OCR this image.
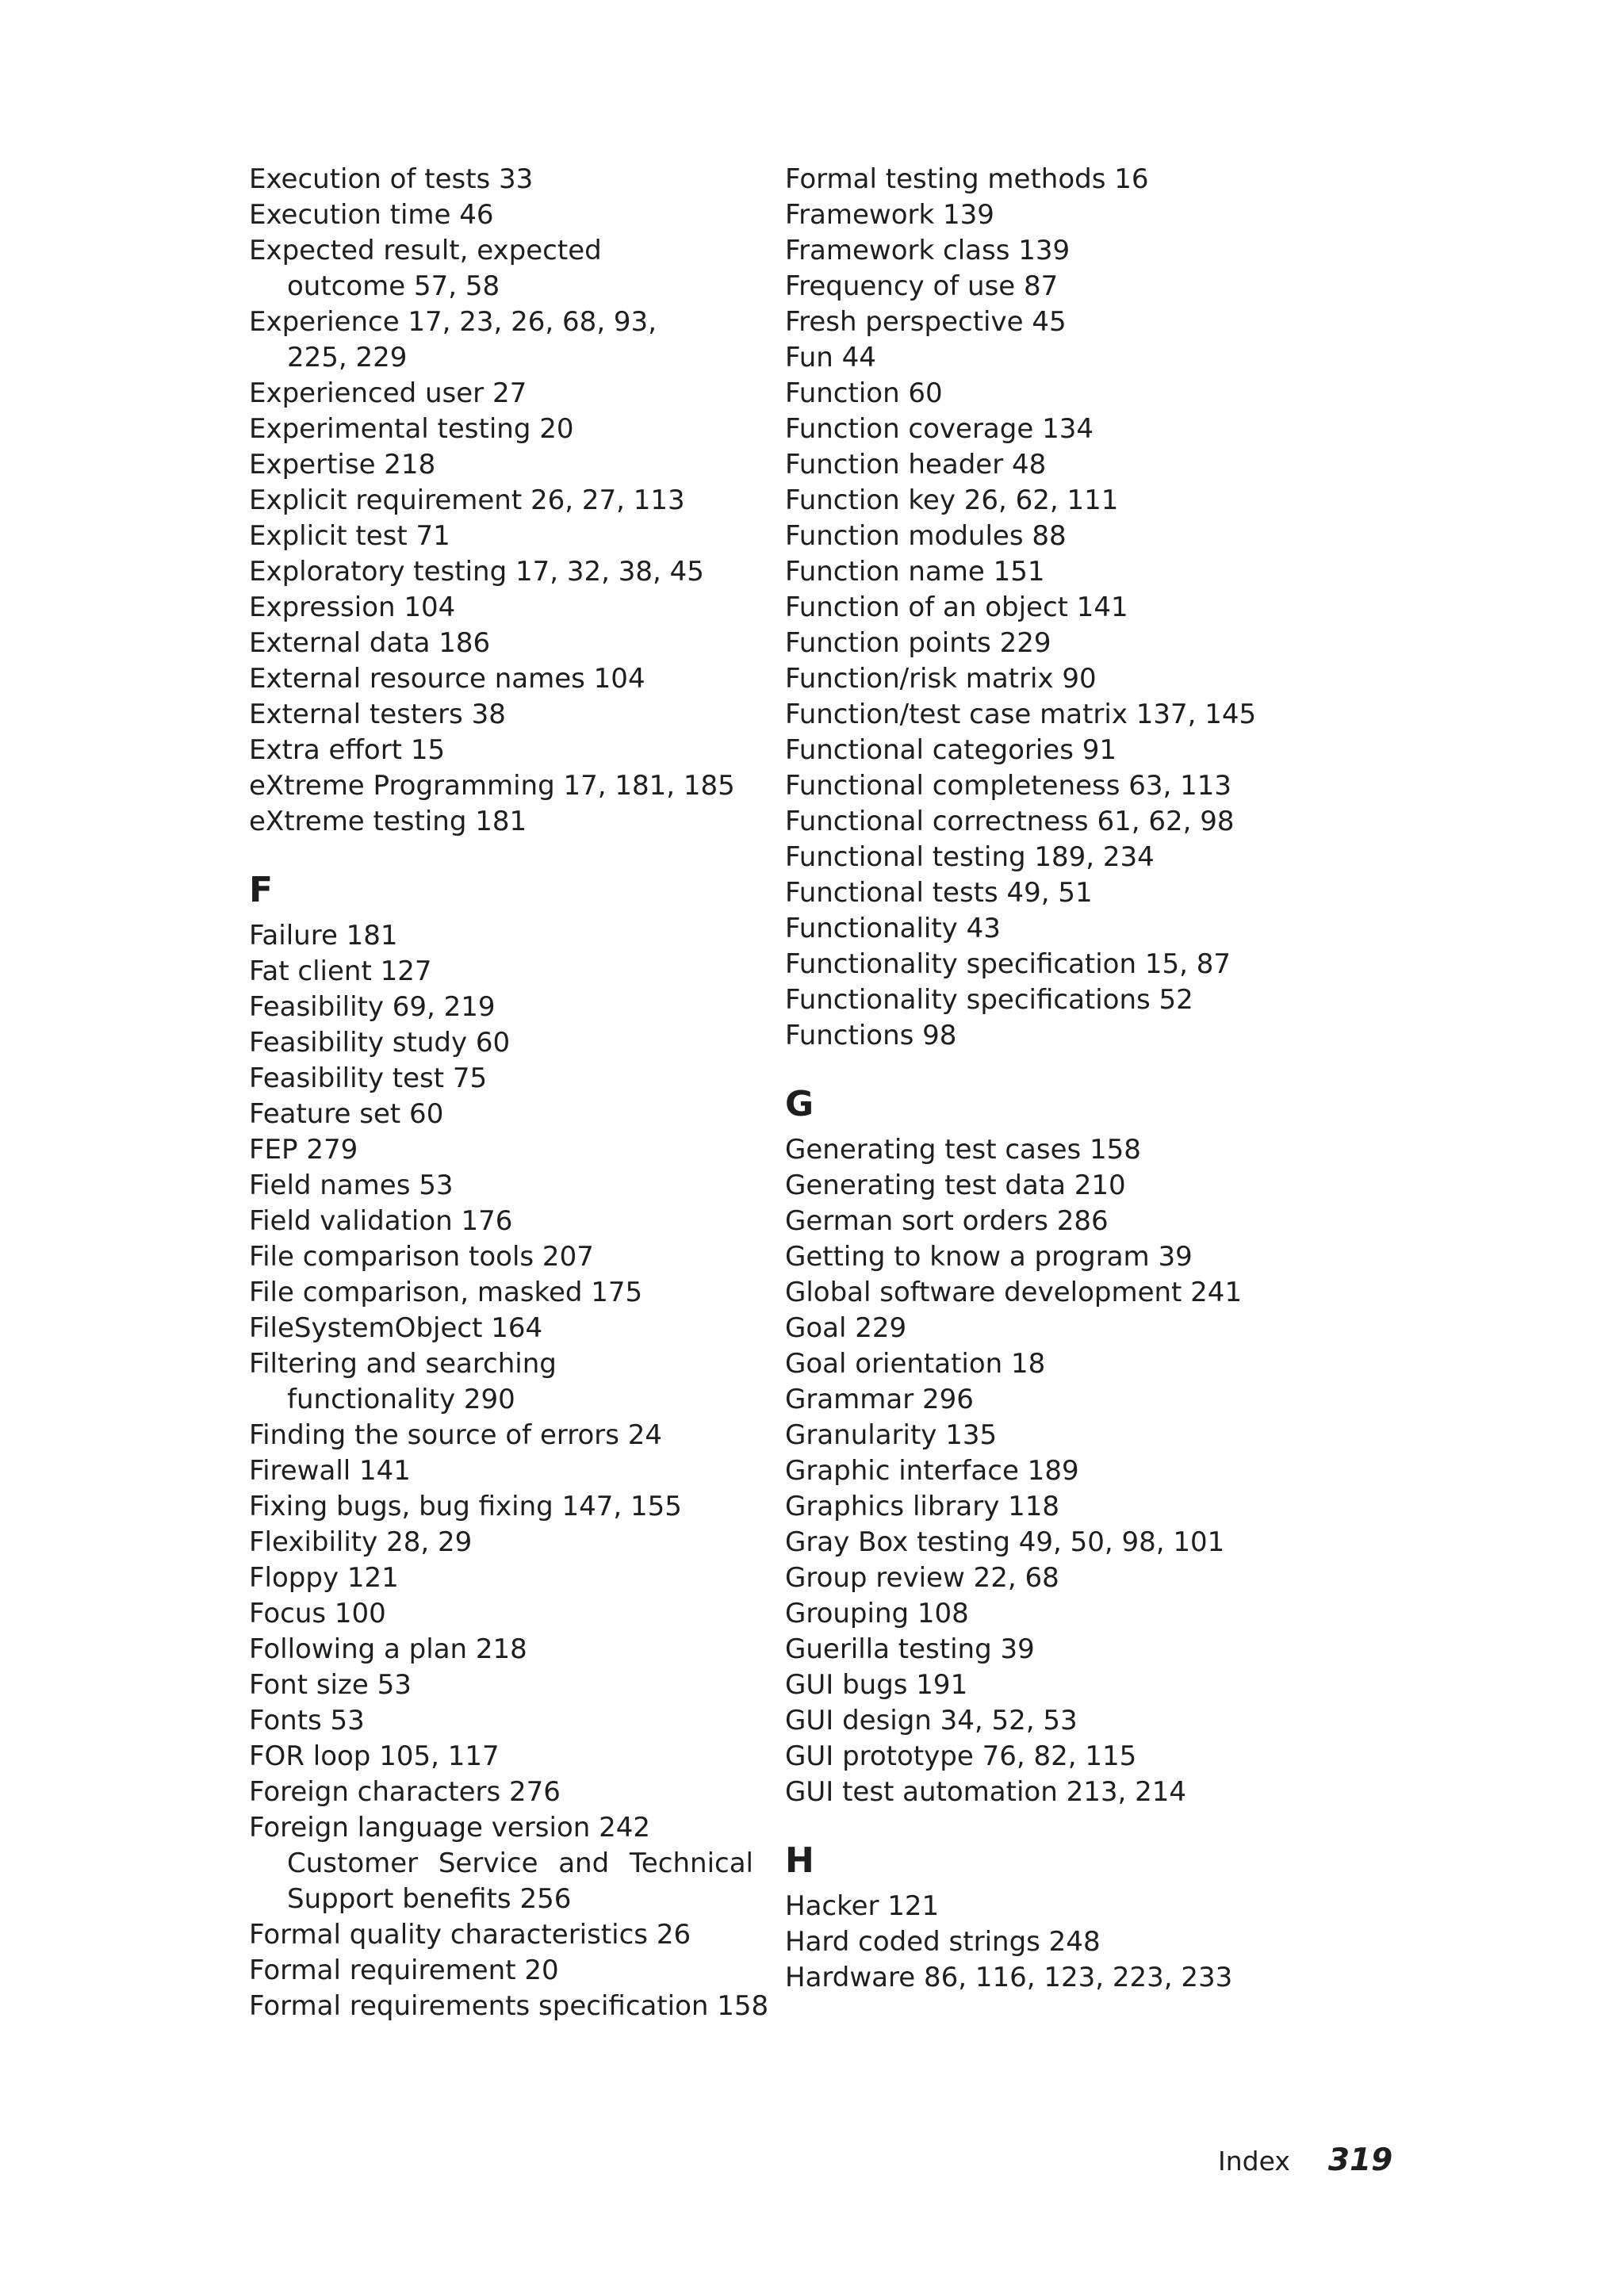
Execution of tests 33
Execution time 46
Expected result, expected
outcome 57, 58
Experience 17, 23, 26, 68, 93,
225, 229
Experienced user 27
Experimental testing 20
Expertise 218
Explicit requirement 26, 27, 113
Explicit test 71
Exploratory testing 17, 32, 38, 45
Expression 104
External data 186
External resource names 104
External testers 38
Extra effort 15
eXtreme Programming 17, 181, 185
eXtreme testing 181
F
Failure 181
Fat client 127
Feasibility 69, 219
Feasibility study 60
Feasibility test 75
Feature set 60
FEP 279
Field names 53
Field validation 176
File comparison tools 207
File comparison, masked 175
FileSystemObject 164
Filtering and searching
functionality 290
Finding the source of errors 24
Firewall 141
Fixing bugs, bug fixing 147, 155
Flexibility 28, 29
Floppy 121
Focus 100
Following a plan 218
Font size 53
Fonts 53
FOR loop 105, 117
Foreign characters 276
Foreign language version 242
Customer Service and Technical
Support benefits 256
Formal quality characteristics 26
Formal requirement 20
Formal requirements specification 158
Formal testing methods 16
Framework 139
Framework class 139
Frequency of use 87
Fresh perspective 45
Fun 44
Function 60
Function coverage 134
Function header 48
Function key 26, 62, 111
Function modules 88
Function name 151
Function of an object 141
Function points 229
Function/risk matrix 90
Function/test case matrix 137, 145
Functional categories 91
Functional completeness 63, 113
Functional correctness 61, 62, 98
Functional testing 189, 234
Functional tests 49, 51
Functionality 43
Functionality specification 15, 87
Functionality specifications 52
Functions 98
G
Generating test cases 158
Generating test data 210
German sort orders 286
Getting to know a program 39
Global software development 241
Goal 229
Goal orientation 18
Grammar 296
Granularity 135
Graphic interface 189
Graphics library 118
Gray Box testing 49, 50, 98, 101
Group review 22, 68
Grouping 108
Guerilla testing 39
GUI bugs 191
GUI design 34, 52, 53
GUI prototype 76, 82, 115
GUI test automation 213, 214
H
Hacker 121
Hard coded strings 248
Hardware 86, 116, 123, 223, 233
Index 319
